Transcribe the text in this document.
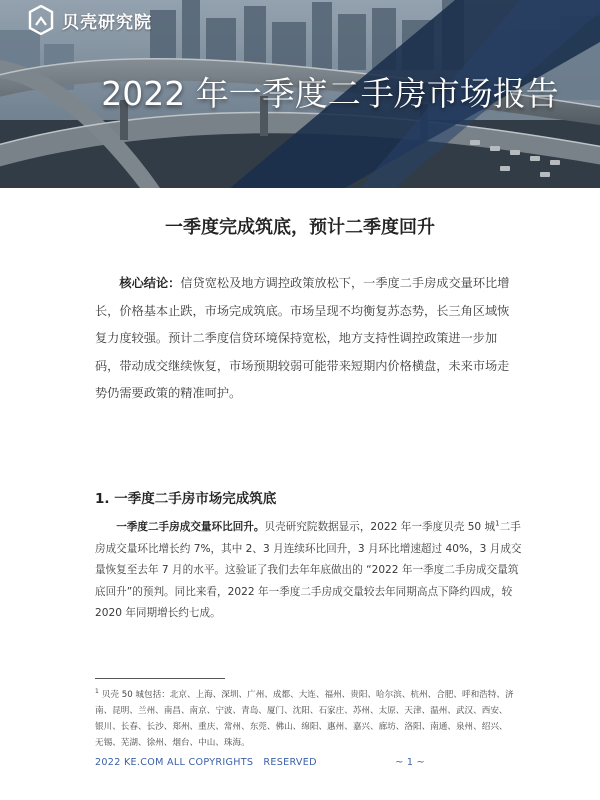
贝壳研究院
2022 年一季度二手房市场报告
一季度完成筑底，预计二季度回升

核心结论：信贷宽松及地方调控政策放松下，一季度二手房成交量环比增长，价格基本止跌，市场完成筑底。市场呈现不均衡复苏态势，长三角区域恢复力度较强。预计二季度信贷环境保持宽松，地方支持性调控政策进一步加码，带动成交继续恢复，市场预期较弱可能带来短期内价格横盘，未来市场走势仍需要政策的精准呵护。

1. 一季度二手房市场完成筑底

一季度二手房成交量环比回升。贝壳研究院数据显示，2022 年一季度贝壳 50 城$^1$二手房成交量环比增长约 7%，其中 2、3 月连续环比回升，3 月环比增速超过 40%，3 月成交量恢复至去年 7 月的水平。这验证了我们去年年底做出的 “2022 年一季度二手房成交量筑底回升”的预判。同比来看，2022 年一季度二手房成交量较去年同期高点下降约四成，较 2020 年同期增长约七成。

$^1$ 贝壳 50 城包括：北京、上海、深圳、广州、成都、大连、福州、贵阳、哈尔滨、杭州、合肥、呼和浩特、济南、昆明、兰州、南昌、南京、宁波、青岛、厦门、沈阳、石家庄、苏州、太原、天津、温州、武汉、西安、银川、长春、长沙、郑州、重庆、常州、东莞、佛山、绵阳、惠州、嘉兴、廊坊、洛阳、南通、泉州、绍兴、无锡、芜湖、徐州、烟台、中山、珠海。

2022 KE.COM ALL COPYRIGHTS   RESERVED	~ 1 ~
